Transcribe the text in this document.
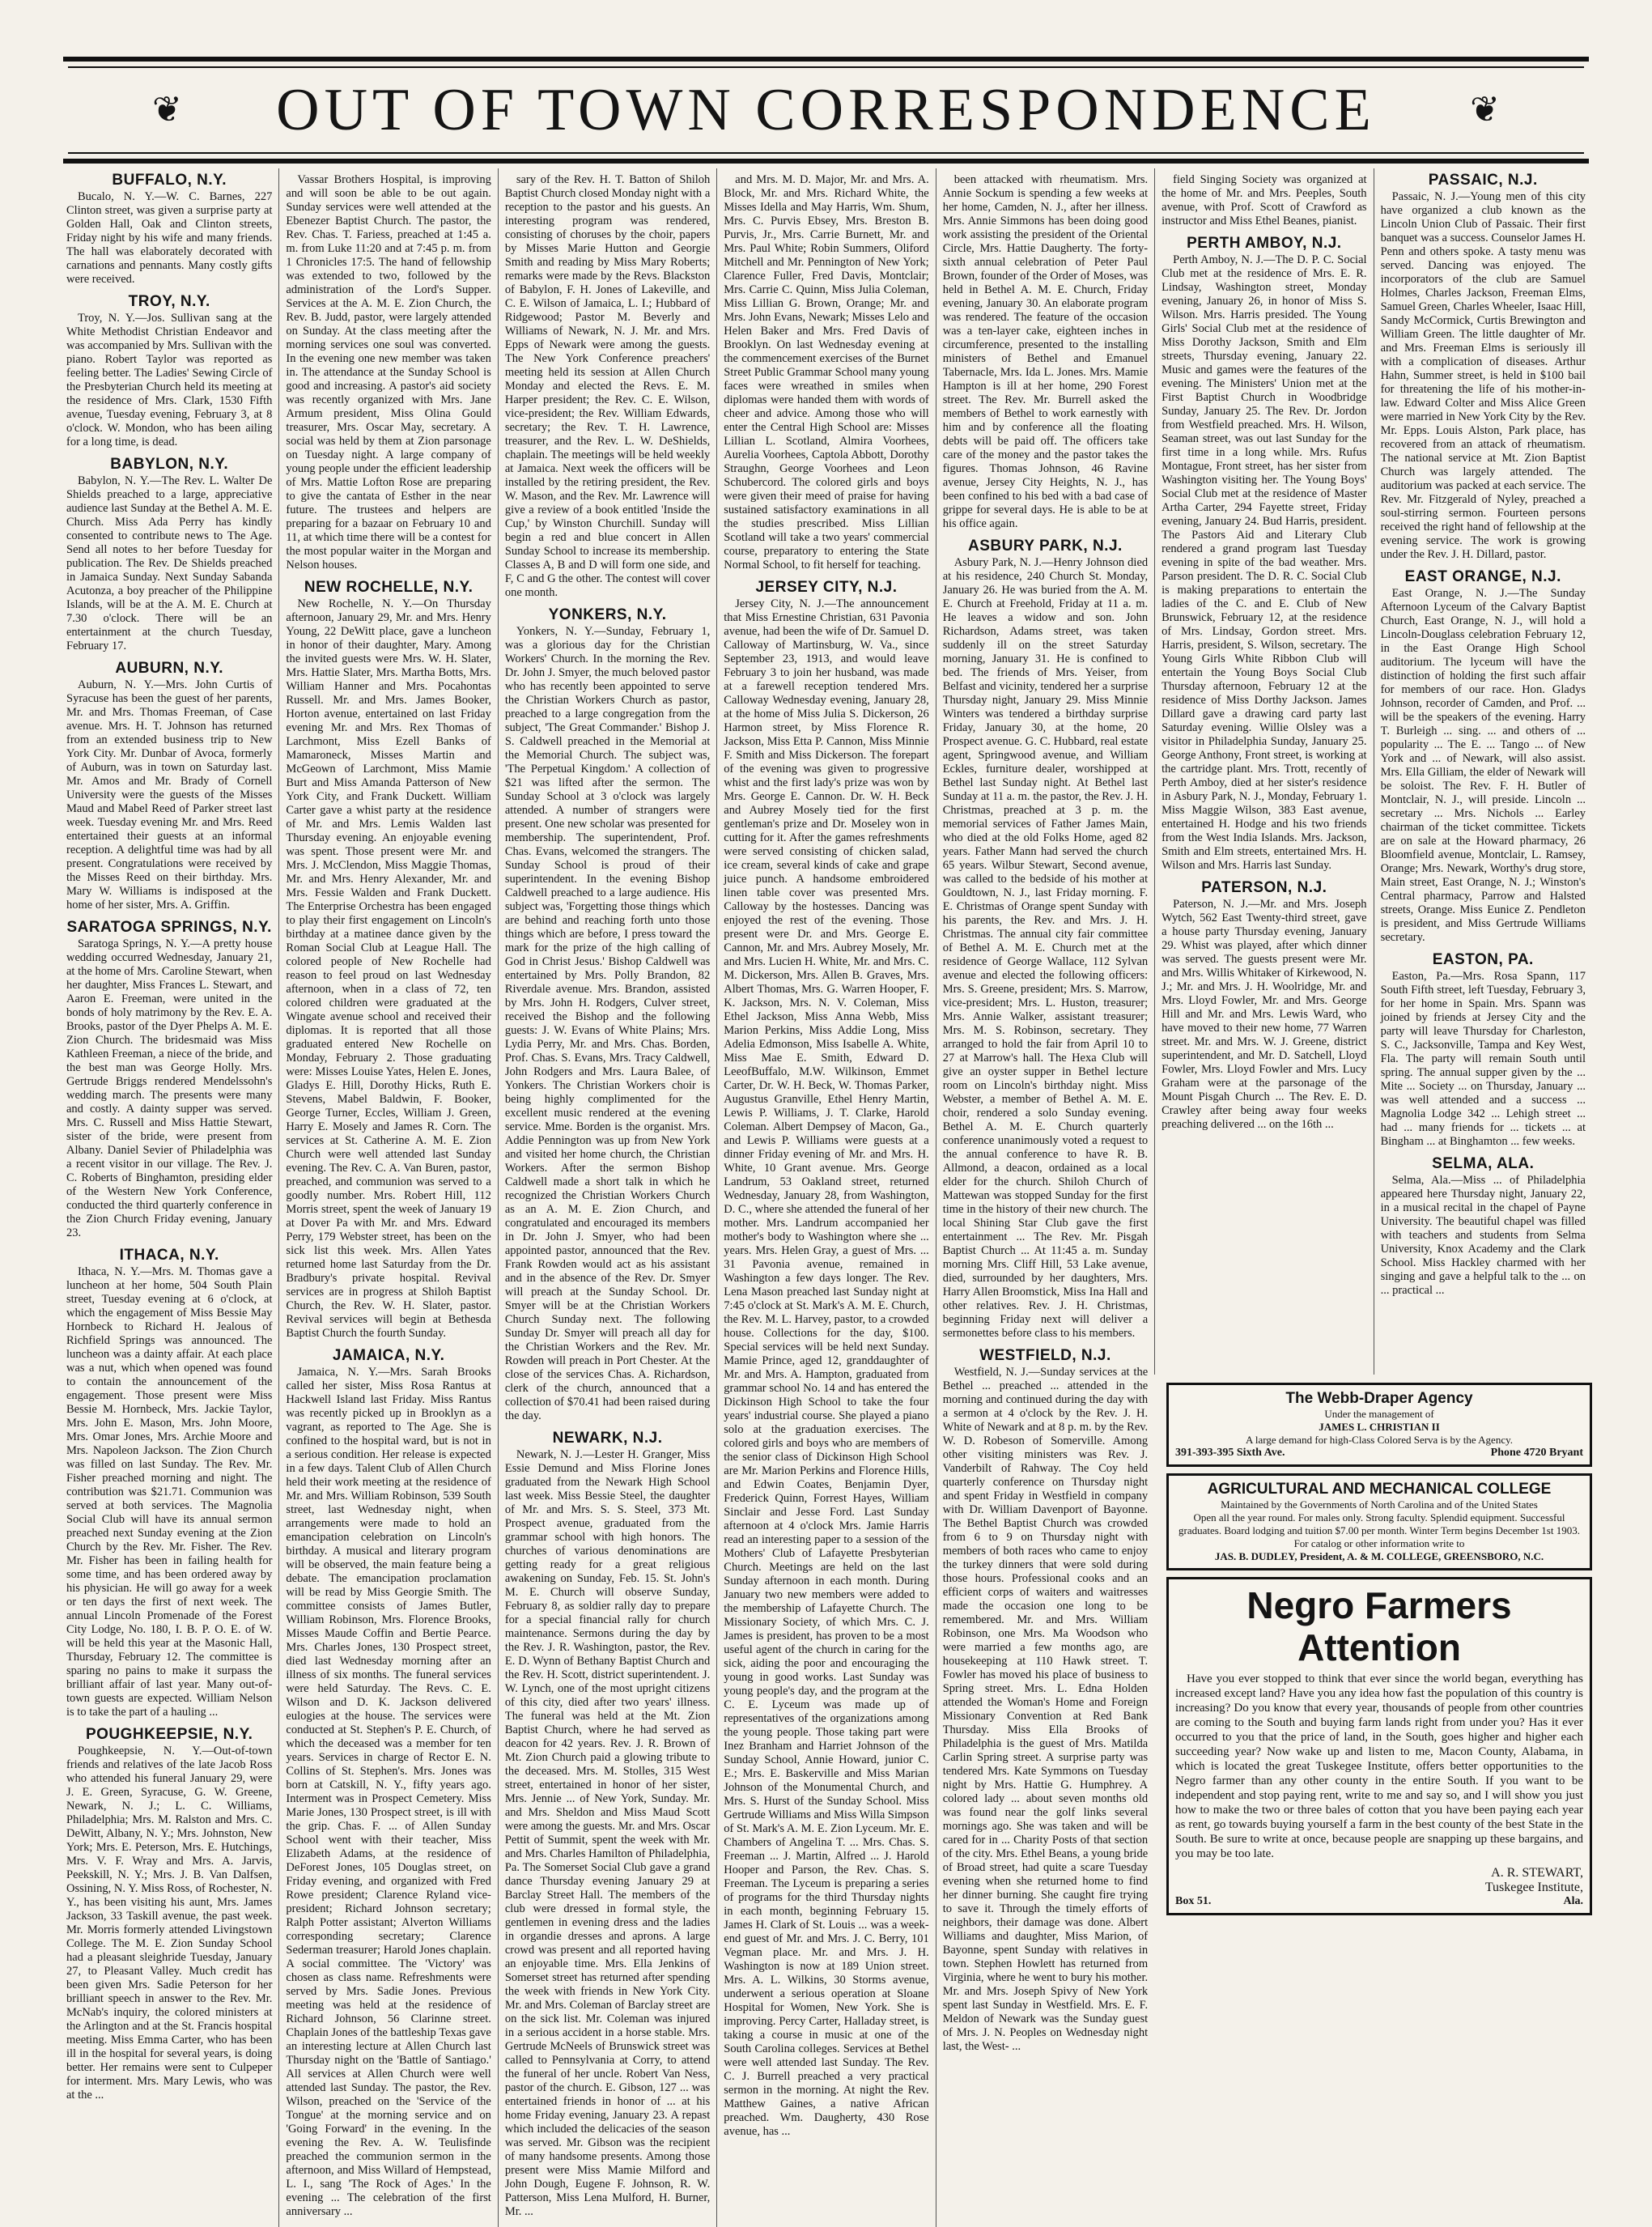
❦ OUT OF TOWN CORRESPONDENCE	❦
BUFFALO, N.Y.
Bucalo, N. Y.—W. C. Barnes, 227 Clinton street, was given a surprise party at Golden Hall, Oak and Clinton streets, Friday night by his wife and many friends. The hall was elaborately decorated with carnations and pennants. Many costly gifts were received.
TROY, N.Y.
Troy, N. Y.—Jos. Sullivan sang at the White Methodist Christian Endeavor and was accompanied by Mrs. Sullivan with the piano. Robert Taylor was reported as feeling better. The Ladies' Sewing Circle of the Presbyterian Church held its meeting at the residence of Mrs. Clark, 1530 Fifth avenue, Tuesday evening, February 3, at 8 o'clock. W. Mondon, who has been ailing for a long time, is dead.
BABYLON, N.Y.
Babylon, N. Y.—The Rev. L. Walter De Shields preached to a large, appreciative audience last Sunday at the Bethel A. M. E. Church. Miss Ada Perry has kindly consented to contribute news to The Age. Send all notes to her before Tuesday for publication. The Rev. De Shields preached in Jamaica Sunday. Next Sunday Sabanda Acutonza, a boy preacher of the Philippine Islands, will be at the A. M. E. Church at 7.30 o'clock. There will be an entertainment at the church Tuesday, February 17.
AUBURN, N.Y.
Auburn, N. Y.—Mrs. John Curtis of Syracuse has been the guest of her parents, Mr. and Mrs. Thomas Freeman, of Case avenue. Mrs. H. T. Johnson has returned from an extended business trip to New York City. Mr. Dunbar of Avoca, formerly of Auburn, was in town on Saturday last. Mr. Amos and Mr. Brady of Cornell University were the guests of the Misses Maud and Mabel Reed of Parker street last week. Tuesday evening Mr. and Mrs. Reed entertained their guests at an informal reception. A delightful time was had by all present. Congratulations were received by the Misses Reed on their birthday. Mrs. Mary W. Williams is indisposed at the home of her sister, Mrs. A. Griffin.
SARATOGA SPRINGS, N.Y.
Saratoga Springs, N. Y.—A pretty house wedding occurred Wednesday, January 21, at the home of Mrs. Caroline Stewart, when her daughter, Miss Frances L. Stewart, and Aaron E. Freeman, were united in the bonds of holy matrimony by the Rev. E. A. Brooks, pastor of the Dyer Phelps A. M. E. Zion Church. The bridesmaid was Miss Kathleen Freeman, a niece of the bride, and the best man was George Holly. Mrs. Gertrude Briggs rendered Mendelssohn's wedding march. The presents were many and costly. A dainty supper was served. Mrs. C. Russell and Miss Hattie Stewart, sister of the bride, were present from Albany. Daniel Sevier of Philadelphia was a recent visitor in our village. The Rev. J. C. Roberts of Binghamton, presiding elder of the Western New York Conference, conducted the third quarterly conference in the Zion Church Friday evening, January 23.
ITHACA, N.Y.
Ithaca, N. Y.—Mrs. M. Thomas gave a luncheon at her home, 504 South Plain street, Tuesday evening at 6 o'clock, at which the engagement of Miss Bessie May Hornbeck to Richard H. Jealous of Richfield Springs was announced. The luncheon was a dainty affair. At each place was a nut, which when opened was found to contain the announcement of the engagement. Those present were Miss Bessie M. Hornbeck, Mrs. Jackie Taylor, Mrs. John E. Mason, Mrs. John Moore, Mrs. Omar Jones, Mrs. Archie Moore and Mrs. Napoleon Jackson. The Zion Church was filled on last Sunday. The Rev. Mr. Fisher preached morning and night. The contribution was $21.71. Communion was served at both services. The Magnolia Social Club will have its annual sermon preached next Sunday evening at the Zion Church by the Rev. Mr. Fisher. The Rev. Mr. Fisher has been in failing health for some time, and has been ordered away by his physician. He will go away for a week or ten days the first of next week. The annual Lincoln Promenade of the Forest City Lodge, No. 180, I. B. P. O. E. of W. will be held this year at the Masonic Hall, Thursday, February 12. The committee is sparing no pains to make it surpass the brilliant affair of last year. Many out-of-town guests are expected. William Nelson is to take the part of a hauling ...
POUGHKEEPSIE, N.Y.
Poughkeepsie, N. Y.—Out-of-town friends and relatives of the late Jacob Ross who attended his funeral January 29, were J. E. Green, Syracuse, G. W. Greene, Newark, N. J.; L. C. Williams, Philadelphia; Mrs. M. Ralston and Mrs. C. DeWitt, Albany, N. Y.; Mrs. Johnston, New York; Mrs. E. Peterson, Mrs. E. Hutchings, Mrs. V. F. Wray and Mrs. A. Jarvis, Peekskill, N. Y.; Mrs. J. B. Van Dalfsen, Ossining, N. Y. Miss Ross, of Rochester, N. Y., has been visiting his aunt, Mrs. James Jackson, 33 Taskill avenue, the past week. Mr. Morris formerly attended Livingstown College. The M. E. Zion Sunday School had a pleasant sleighride Tuesday, January 27, to Pleasant Valley. Much credit has been given Mrs. Sadie Peterson for her brilliant speech in answer to the Rev. Mr. McNab's inquiry, the colored ministers at the Arlington and at the St. Francis hospital meeting. Miss Emma Carter, who has been ill in the hospital for several years, is doing better. Her remains were sent to Culpeper for interment. Mrs. Mary Lewis, who was at the ...
Vassar Brothers Hospital, is improving and will soon be able to be out again. Sunday services were well attended at the Ebenezer Baptist Church. The pastor, the Rev. Chas. T. Fariess, preached at 1:45 a. m. from Luke 11:20 and at 7:45 p. m. from 1 Chronicles 17:5. The hand of fellowship was extended to two, followed by the administration of the Lord's Supper. Services at the A. M. E. Zion Church, the Rev. B. Judd, pastor, were largely attended on Sunday. At the class meeting after the morning services one soul was converted. In the evening one new member was taken in. The attendance at the Sunday School is good and increasing. A pastor's aid society was recently organized with Mrs. Jane Armum president, Miss Olina Gould treasurer, Mrs. Oscar May, secretary. A social was held by them at Zion parsonage on Tuesday night. A large company of young people under the efficient leadership of Mrs. Mattie Lofton Rose are preparing to give the cantata of Esther in the near future. The trustees and helpers are preparing for a bazaar on February 10 and 11, at which time there will be a contest for the most popular waiter in the Morgan and Nelson houses.
NEW ROCHELLE, N.Y.
New Rochelle, N. Y.—On Thursday afternoon, January 29, Mr. and Mrs. Henry Young, 22 DeWitt place, gave a luncheon in honor of their daughter, Mary. Among the invited guests were Mrs. W. H. Slater, Mrs. Hattie Slater, Mrs. Martha Botts, Mrs. William Hanner and Mrs. Pocahontas Russell. Mr. and Mrs. James Booker, Horton avenue, entertained on last Friday evening Mr. and Mrs. Rex Thomas of Larchmont, Miss Ezell Banks of Mamaroneck, Misses Martin and McGeown of Larchmont, Miss Mamie Burt and Miss Amanda Patterson of New York City, and Frank Duckett. William Carter gave a whist party at the residence of Mr. and Mrs. Lemis Walden last Thursday evening. An enjoyable evening was spent. Those present were Mr. and Mrs. J. McClendon, Miss Maggie Thomas, Mr. and Mrs. Henry Alexander, Mr. and Mrs. Fessie Walden and Frank Duckett. The Enterprise Orchestra has been engaged to play their first engagement on Lincoln's birthday at a matinee dance given by the Roman Social Club at League Hall. The colored people of New Rochelle had reason to feel proud on last Wednesday afternoon, when in a class of 72, ten colored children were graduated at the Wingate avenue school and received their diplomas. It is reported that all those graduated entered New Rochelle on Monday, February 2. Those graduating were: Misses Louise Yates, Helen E. Jones, Gladys E. Hill, Dorothy Hicks, Ruth E. Stevens, Mabel Baldwin, F. Booker, George Turner, Eccles, William J. Green, Harry E. Mosely and James R. Corn. The services at St. Catherine A. M. E. Zion Church were well attended last Sunday evening. The Rev. C. A. Van Buren, pastor, preached, and communion was served to a goodly number. Mrs. Robert Hill, 112 Morris street, spent the week of January 19 at Dover Pa with Mr. and Mrs. Edward Perry, 179 Webster street, has been on the sick list this week. Mrs. Allen Yates returned home last Saturday from the Dr. Bradbury's private hospital. Revival services are in progress at Shiloh Baptist Church, the Rev. W. H. Slater, pastor. Revival services will begin at Bethesda Baptist Church the fourth Sunday.
JAMAICA, N.Y.
Jamaica, N. Y.—Mrs. Sarah Brooks called her sister, Miss Rosa Rantus at Hackwell Island last Friday. Miss Rantus was recently picked up in Brooklyn as a vagrant, as reported to The Age. She is confined to the hospital ward, but is not in a serious condition. Her release is expected in a few days. Talent Club of Allen Church held their work meeting at the residence of Mr. and Mrs. William Robinson, 539 South street, last Wednesday night, when arrangements were made to hold an emancipation celebration on Lincoln's birthday. A musical and literary program will be observed, the main feature being a debate. The emancipation proclamation will be read by Miss Georgie Smith. The committee consists of James Butler, William Robinson, Mrs. Florence Brooks, Misses Maude Coffin and Bertie Pearce. Mrs. Charles Jones, 130 Prospect street, died last Wednesday morning after an illness of six months. The funeral services were held Saturday. The Revs. C. E. Wilson and D. K. Jackson delivered eulogies at the house. The services were conducted at St. Stephen's P. E. Church, of which the deceased was a member for ten years. Services in charge of Rector E. N. Collins of St. Stephen's. Mrs. Jones was born at Catskill, N. Y., fifty years ago. Interment was in Prospect Cemetery. Miss Marie Jones, 130 Prospect street, is ill with the grip. Chas. F. ... of Allen Sunday School went with their teacher, Miss Elizabeth Adams, at the residence of DeForest Jones, 105 Douglas street, on Friday evening, and organized with Fred Rowe president; Clarence Ryland vice-president; Richard Johnson secretary; Ralph Potter assistant; Alverton Williams corresponding secretary; Clarence Sederman treasurer; Harold Jones chaplain. A social committee. The 'Victory' was chosen as class name. Refreshments were served by Mrs. Sadie Jones. Previous meeting was held at the residence of Richard Johnson, 56 Clarinne street. Chaplain Jones of the battleship Texas gave an interesting lecture at Allen Church last Thursday night on the 'Battle of Santiago.' All services at Allen Church were well attended last Sunday. The pastor, the Rev. Wilson, preached on the 'Service of the Tongue' at the morning service and on 'Going Forward' in the evening. In the evening the Rev. A. W. Teulisfinde preached the communion sermon in the afternoon, and Miss Willard of Hempstead, L. I., sang 'The Rock of Ages.' In the evening ... The celebration of the first anniversary ...
sary of the Rev. H. T. Batton of Shiloh Baptist Church closed Monday night with a reception to the pastor and his guests. An interesting program was rendered, consisting of choruses by the choir, papers by Misses Marie Hutton and Georgie Smith and reading by Miss Mary Roberts; remarks were made by the Revs. Blackston of Babylon, F. H. Jones of Lakeville, and C. E. Wilson of Jamaica, L. I.; Hubbard of Ridgewood; Pastor M. Beverly and Williams of Newark, N. J. Mr. and Mrs. Epps of Newark were among the guests. The New York Conference preachers' meeting held its session at Allen Church Monday and elected the Revs. E. M. Harper president; the Rev. C. E. Wilson, vice-president; the Rev. William Edwards, secretary; the Rev. T. H. Lawrence, treasurer, and the Rev. L. W. DeShields, chaplain. The meetings will be held weekly at Jamaica. Next week the officers will be installed by the retiring president, the Rev. W. Mason, and the Rev. Mr. Lawrence will give a review of a book entitled 'Inside the Cup,' by Winston Churchill. Sunday will begin a red and blue concert in Allen Sunday School to increase its membership. Classes A, B and D will form one side, and F, C and G the other. The contest will cover one month.
YONKERS, N.Y.
Yonkers, N. Y.—Sunday, February 1, was a glorious day for the Christian Workers' Church. In the morning the Rev. Dr. John J. Smyer, the much beloved pastor who has recently been appointed to serve the Christian Workers Church as pastor, preached to a large congregation from the subject, 'The Great Commander.' Bishop J. S. Caldwell preached in the Memorial at the Memorial Church. The subject was, 'The Perpetual Kingdom.' A collection of $21 was lifted after the sermon. The Sunday School at 3 o'clock was largely attended. A number of strangers were present. One new scholar was presented for membership. The superintendent, Prof. Chas. Evans, welcomed the strangers. The Sunday School is proud of their superintendent. In the evening Bishop Caldwell preached to a large audience. His subject was, 'Forgetting those things which are behind and reaching forth unto those things which are before, I press toward the mark for the prize of the high calling of God in Christ Jesus.' Bishop Caldwell was entertained by Mrs. Polly Brandon, 82 Riverdale avenue. Mrs. Brandon, assisted by Mrs. John H. Rodgers, Culver street, received the Bishop and the following guests: J. W. Evans of White Plains; Mrs. Lydia Perry, Mr. and Mrs. Chas. Borden, Prof. Chas. S. Evans, Mrs. Tracy Caldwell, John Rodgers and Mrs. Laura Balee, of Yonkers. The Christian Workers choir is being highly complimented for the excellent music rendered at the evening service. Mme. Borden is the organist. Mrs. Addie Pennington was up from New York and visited her home church, the Christian Workers. After the sermon Bishop Caldwell made a short talk in which he recognized the Christian Workers Church as an A. M. E. Zion Church, and congratulated and encouraged its members in Dr. John J. Smyer, who had been appointed pastor, announced that the Rev. Frank Rowden would act as his assistant and in the absence of the Rev. Dr. Smyer will preach at the Sunday School. Dr. Smyer will be at the Christian Workers Church Sunday next. The following Sunday Dr. Smyer will preach all day for the Christian Workers and the Rev. Mr. Rowden will preach in Port Chester. At the close of the services Chas. A. Richardson, clerk of the church, announced that a collection of $70.41 had been raised during the day.
NEWARK, N.J.
Newark, N. J.—Lester H. Granger, Miss Essie Demund and Miss Florine Jones graduated from the Newark High School last week. Miss Bessie Steel, the daughter of Mr. and Mrs. S. S. Steel, 373 Mt. Prospect avenue, graduated from the grammar school with high honors. The churches of various denominations are getting ready for a great religious awakening on Sunday, Feb. 15. St. John's M. E. Church will observe Sunday, February 8, as soldier rally day to prepare for a special financial rally for church maintenance. Sermons during the day by the Rev. J. R. Washington, pastor, the Rev. E. D. Wynn of Bethany Baptist Church and the Rev. H. Scott, district superintendent. J. W. Lynch, one of the most upright citizens of this city, died after two years' illness. The funeral was held at the Mt. Zion Baptist Church, where he had served as deacon for 42 years. Rev. J. R. Brown of Mt. Zion Church paid a glowing tribute to the deceased. Mrs. M. Stolles, 315 West street, entertained in honor of her sister, Mrs. Jennie ... of New York, Sunday. Mr. and Mrs. Sheldon and Miss Maud Scott were among the guests. Mr. and Mrs. Oscar Pettit of Summit, spent the week with Mr. and Mrs. Charles Hamilton of Philadelphia, Pa. The Somerset Social Club gave a grand dance Thursday evening January 29 at Barclay Street Hall. The members of the club were dressed in formal style, the gentlemen in evening dress and the ladies in organdie dresses and aprons. A large crowd was present and all reported having an enjoyable time. Mrs. Ella Jenkins of Somerset street has returned after spending the week with friends in New York City. Mr. and Mrs. Coleman of Barclay street are on the sick list. Mr. Coleman was injured in a serious accident in a horse stable. Mrs. Gertrude McNeels of Brunswick street was called to Pennsylvania at Corry, to attend the funeral of her uncle. Robert Van Ness, pastor of the church. E. Gibson, 127 ... was entertained friends in honor of ... at his home Friday evening, January 23. A repast which included the delicacies of the season was served. Mr. Gibson was the recipient of many handsome presents. Among those present were Miss Mamie Milford and John Dough, Eugene F. Johnson, R. W. Patterson, Miss Lena Mulford, H. Burner, Mr. ...
and Mrs. M. D. Major, Mr. and Mrs. A. Block, Mr. and Mrs. Richard White, the Misses Idella and May Harris, Wm. Shum, Mrs. C. Purvis Ebsey, Mrs. Breston B. Purvis, Jr., Mrs. Carrie Burnett, Mr. and Mrs. Paul White; Robin Summers, Oliford Mitchell and Mr. Pennington of New York; Clarence Fuller, Fred Davis, Montclair; Mrs. Carrie C. Quinn, Miss Julia Coleman, Miss Lillian G. Brown, Orange; Mr. and Mrs. John Evans, Newark; Misses Lelo and Helen Baker and Mrs. Fred Davis of Brooklyn. On last Wednesday evening at the commencement exercises of the Burnet Street Public Grammar School many young faces were wreathed in smiles when diplomas were handed them with words of cheer and advice. Among those who will enter the Central High School are: Misses Lillian L. Scotland, Almira Voorhees, Aurelia Voorhees, Captola Abbott, Dorothy Straughn, George Voorhees and Leon Schubercord. The colored girls and boys were given their meed of praise for having sustained satisfactory examinations in all the studies prescribed. Miss Lillian Scotland will take a two years' commercial course, preparatory to entering the State Normal School, to fit herself for teaching.
JERSEY CITY, N.J.
Jersey City, N. J.—The announcement that Miss Ernestine Christian, 631 Pavonia avenue, had been the wife of Dr. Samuel D. Calloway of Martinsburg, W. Va., since September 23, 1913, and would leave February 3 to join her husband, was made at a farewell reception tendered Mrs. Calloway Wednesday evening, January 28, at the home of Miss Julia S. Dickerson, 26 Harmon street, by Miss Florence R. Jackson, Miss Etta P. Cannon, Miss Minnie F. Smith and Miss Dickerson. The forepart of the evening was given to progressive whist and the first lady's prize was won by Mrs. George E. Cannon. Dr. W. H. Beck and Aubrey Mosely tied for the first gentleman's prize and Dr. Moseley won in cutting for it. After the games refreshments were served consisting of chicken salad, ice cream, several kinds of cake and grape juice punch. A handsome embroidered linen table cover was presented Mrs. Calloway by the hostesses. Dancing was enjoyed the rest of the evening. Those present were Dr. and Mrs. George E. Cannon, Mr. and Mrs. Aubrey Mosely, Mr. and Mrs. Lucien H. White, Mr. and Mrs. C. M. Dickerson, Mrs. Allen B. Graves, Mrs. Albert Thomas, Mrs. G. Warren Hooper, F. K. Jackson, Mrs. N. V. Coleman, Miss Ethel Jackson, Miss Anna Webb, Miss Marion Perkins, Miss Addie Long, Miss Adelia Edmonson, Miss Isabelle A. White, Miss Mae E. Smith, Edward D. LeeofBuffalo, M.W. Wilkinson, Emmet Carter, Dr. W. H. Beck, W. Thomas Parker, Augustus Granville, Ethel Henry Martin, Lewis P. Williams, J. T. Clarke, Harold Coleman. Albert Dempsey of Macon, Ga., and Lewis P. Williams were guests at a dinner Friday evening of Mr. and Mrs. H. White, 10 Grant avenue. Mrs. George Landrum, 53 Oakland street, returned Wednesday, January 28, from Washington, D. C., where she attended the funeral of her mother. Mrs. Landrum accompanied her mother's body to Washington where she ... years. Mrs. Helen Gray, a guest of Mrs. ... 31 Pavonia avenue, remained in Washington a few days longer. The Rev. Lena Mason preached last Sunday night at 7:45 o'clock at St. Mark's A. M. E. Church, the Rev. M. L. Harvey, pastor, to a crowded house. Collections for the day, $100. Special services will be held next Sunday. Mamie Prince, aged 12, granddaughter of Mr. and Mrs. A. Hampton, graduated from grammar school No. 14 and has entered the Dickinson High School to take the four years' industrial course. She played a piano solo at the graduation exercises. The colored girls and boys who are members of the senior class of Dickinson High School are Mr. Marion Perkins and Florence Hills, and Edwin Coates, Benjamin Dyer, Frederick Quinn, Forrest Hayes, William Sinclair and Jesse Ford. Last Sunday afternoon at 4 o'clock Mrs. Jamie Harris read an interesting paper to a session of the Mothers' Club of Lafayette Presbyterian Church. Meetings are held on the last Sunday afternoon in each month. During January two new members were added to the membership of Lafayette Church. The Missionary Society, of which Mrs. C. J. James is president, has proven to be a most useful agent of the church in caring for the sick, aiding the poor and encouraging the young in good works. Last Sunday was young people's day, and the program at the C. E. Lyceum was made up of representatives of the organizations among the young people. Those taking part were Inez Branham and Harriet Johnson of the Sunday School, Annie Howard, junior C. E.; Mrs. E. Baskerville and Miss Marian Johnson of the Monumental Church, and Mrs. S. Hurst of the Sunday School. Miss Gertrude Williams and Miss Willa Simpson of St. Mark's A. M. E. Zion Lyceum. Mr. E. Chambers of Angelina T. ... Mrs. Chas. S. Freeman ... J. Martin, Alfred ... J. Harold Hooper and Parson, the Rev. Chas. S. Freeman. The Lyceum is preparing a series of programs for the third Thursday nights in each month, beginning February 15. James H. Clark of St. Louis ... was a week-end guest of Mr. and Mrs. J. C. Berry, 101 Vegman place. Mr. and Mrs. J. H. Washington is now at 189 Union street. Mrs. A. L. Wilkins, 30 Storms avenue, underwent a serious operation at Sloane Hospital for Women, New York. She is improving. Percy Carter, Halladay street, is taking a course in music at one of the South Carolina colleges. Services at Bethel were well attended last Sunday. The Rev. C. J. Burrell preached a very practical sermon in the morning. At night the Rev. Matthew Gaines, a native African preached. Wm. Daugherty, 430 Rose avenue, has ...
been attacked with rheumatism. Mrs. Annie Sockum is spending a few weeks at her home, Camden, N. J., after her illness. Mrs. Annie Simmons has been doing good work assisting the president of the Oriental Circle, Mrs. Hattie Daugherty. The forty-sixth annual celebration of Peter Paul Brown, founder of the Order of Moses, was held in Bethel A. M. E. Church, Friday evening, January 30. An elaborate program was rendered. The feature of the occasion was a ten-layer cake, eighteen inches in circumference, presented to the installing ministers of Bethel and Emanuel Tabernacle, Mrs. Ida L. Jones. Mrs. Mamie Hampton is ill at her home, 290 Forest street. The Rev. Mr. Burrell asked the members of Bethel to work earnestly with him and by conference all the floating debts will be paid off. The officers take care of the money and the pastor takes the figures. Thomas Johnson, 46 Ravine avenue, Jersey City Heights, N. J., has been confined to his bed with a bad case of grippe for several days. He is able to be at his office again.
ASBURY PARK, N.J.
Asbury Park, N. J.—Henry Johnson died at his residence, 240 Church St. Monday, January 26. He was buried from the A. M. E. Church at Freehold, Friday at 11 a. m. He leaves a widow and son. John Richardson, Adams street, was taken suddenly ill on the street Saturday morning, January 31. He is confined to bed. The friends of Mrs. Yeiser, from Belfast and vicinity, tendered her a surprise Thursday night, January 29. Miss Minnie Winters was tendered a birthday surprise Friday, January 30, at the home, 20 Prospect avenue. G. C. Hubbard, real estate agent, Springwood avenue, and William Eckles, furniture dealer, worshipped at Bethel last Sunday night. At Bethel last Sunday at 11 a. m. the pastor, the Rev. J. H. Christmas, preached at 3 p. m. the memorial services of Father James Main, who died at the old Folks Home, aged 82 years. Father Mann had served the church 65 years. Wilbur Stewart, Second avenue, was called to the bedside of his mother at Gouldtown, N. J., last Friday morning. F. E. Christmas of Orange spent Sunday with his parents, the Rev. and Mrs. J. H. Christmas. The annual city fair committee of Bethel A. M. E. Church met at the residence of George Wallace, 112 Sylvan avenue and elected the following officers: Mrs. S. Greene, president; Mrs. S. Marrow, vice-president; Mrs. L. Huston, treasurer; Mrs. Annie Walker, assistant treasurer; Mrs. M. S. Robinson, secretary. They arranged to hold the fair from April 10 to 27 at Marrow's hall. The Hexa Club will give an oyster supper in Bethel lecture room on Lincoln's birthday night. Miss Webster, a member of Bethel A. M. E. choir, rendered a solo Sunday evening. Bethel A. M. E. Church quarterly conference unanimously voted a request to the annual conference to have R. B. Allmond, a deacon, ordained as a local elder for the church. Shiloh Church of Mattewan was stopped Sunday for the first time in the history of their new church. The local Shining Star Club gave the first entertainment ... The Rev. Mr. Pisgah Baptist Church ... At 11:45 a. m. Sunday morning Mrs. Cliff Hill, 53 Lake avenue, died, surrounded by her daughters, Mrs. Harry Allen Broomstick, Miss Ina Hall and other relatives. Rev. J. H. Christmas, beginning Friday next will deliver a sermonettes before class to his members.
WESTFIELD, N.J.
Westfield, N. J.—Sunday services at the Bethel ... preached ... attended in the morning and continued during the day with a sermon at 4 o'clock by the Rev. J. H. White of Newark and at 8 p. m. by the Rev. W. D. Robeson of Somerville. Among other visiting ministers was Rev. J. Vanderbilt of Rahway. The Coy held quarterly conference on Thursday night and spent Friday in Westfield in company with Dr. William Davenport of Bayonne. The Bethel Baptist Church was crowded from 6 to 9 on Thursday night with members of both races who came to enjoy the turkey dinners that were sold during those hours. Professional cooks and an efficient corps of waiters and waitresses made the occasion one long to be remembered. Mr. and Mrs. William Robinson, one Mrs. Ma Woodson who were married a few months ago, are housekeeping at 110 Hawk street. T. Fowler has moved his place of business to Spring street. Mrs. L. Edna Holden attended the Woman's Home and Foreign Missionary Convention at Red Bank Thursday. Miss Ella Brooks of Philadelphia is the guest of Mrs. Matilda Carlin Spring street. A surprise party was tendered Mrs. Kate Symmons on Tuesday night by Mrs. Hattie G. Humphrey. A colored lady ... about seven months old was found near the golf links several mornings ago. She was taken and will be cared for in ... Charity Posts of that section of the city. Mrs. Ethel Beans, a young bride of Broad street, had quite a scare Tuesday evening when she returned home to find her dinner burning. She caught fire trying to save it. Through the timely efforts of neighbors, their damage was done. Albert Williams and daughter, Miss Marion, of Bayonne, spent Sunday with relatives in town. Stephen Howlett has returned from Virginia, where he went to bury his mother. Mr. and Mrs. Joseph Spivy of New York spent last Sunday in Westfield. Mrs. E. F. Meldon of Newark was the Sunday guest of Mrs. J. N. Peoples on Wednesday night last, the West- ...
field Singing Society was organized at the home of Mr. and Mrs. Peeples, South avenue, with Prof. Scott of Crawford as instructor and Miss Ethel Beanes, pianist.
PERTH AMBOY, N.J.
Perth Amboy, N. J.—The D. P. C. Social Club met at the residence of Mrs. E. R. Lindsay, Washington street, Monday evening, January 26, in honor of Miss S. Wilson. Mrs. Harris presided. The Young Girls' Social Club met at the residence of Miss Dorothy Jackson, Smith and Elm streets, Thursday evening, January 22. Music and games were the features of the evening. The Ministers' Union met at the First Baptist Church in Woodbridge Sunday, January 25. The Rev. Dr. Jordon from Westfield preached. Mrs. H. Wilson, Seaman street, was out last Sunday for the first time in a long while. Mrs. Rufus Montague, Front street, has her sister from Washington visiting her. The Young Boys' Social Club met at the residence of Master Artha Carter, 294 Fayette street, Friday evening, January 24. Bud Harris, president. The Pastors Aid and Literary Club rendered a grand program last Tuesday evening in spite of the bad weather. Mrs. Parson president. The D. R. C. Social Club is making preparations to entertain the ladies of the C. and E. Club of New Brunswick, February 12, at the residence of Mrs. Lindsay, Gordon street. Mrs. Harris, president, S. Wilson, secretary. The Young Girls White Ribbon Club will entertain the Young Boys Social Club Thursday afternoon, February 12 at the residence of Miss Dorthy Jackson. James Dillard gave a drawing card party last Saturday evening. Willie Olsley was a visitor in Philadelphia Sunday, January 25. George Anthony, Front street, is working at the cartridge plant. Mrs. Trott, recently of Perth Amboy, died at her sister's residence in Asbury Park, N. J., Monday, February 1. Miss Maggie Wilson, 383 East avenue, entertained H. Hodge and his two friends from the West India Islands. Mrs. Jackson, Smith and Elm streets, entertained Mrs. H. Wilson and Mrs. Harris last Sunday.
PATERSON, N.J.
Paterson, N. J.—Mr. and Mrs. Joseph Wytch, 562 East Twenty-third street, gave a house party Thursday evening, January 29. Whist was played, after which dinner was served. The guests present were Mr. and Mrs. Willis Whitaker of Kirkewood, N. J.; Mr. and Mrs. J. H. Woolridge, Mr. and Mrs. Lloyd Fowler, Mr. and Mrs. George Hill and Mr. and Mrs. Lewis Ward, who have moved to their new home, 77 Warren street. Mr. and Mrs. W. J. Greene, district superintendent, and Mr. D. Satchell, Lloyd Fowler, Mrs. Lloyd Fowler and Mrs. Lucy Graham were at the parsonage of the Mount Pisgah Church ... The Rev. E. D. Crawley after being away four weeks preaching delivered ... on the 16th ...
PASSAIC, N.J.
Passaic, N. J.—Young men of this city have organized a club known as the Lincoln Union Club of Passaic. Their first banquet was a success. Counselor James H. Penn and others spoke. A tasty menu was served. Dancing was enjoyed. The incorporators of the club are Samuel Holmes, Charles Jackson, Freeman Elms, Samuel Green, Charles Wheeler, Isaac Hill, Sandy McCormick, Curtis Brewington and William Green. The little daughter of Mr. and Mrs. Freeman Elms is seriously ill with a complication of diseases. Arthur Hahn, Summer street, is held in $100 bail for threatening the life of his mother-in-law. Edward Colter and Miss Alice Green were married in New York City by the Rev. Mr. Epps. Louis Alston, Park place, has recovered from an attack of rheumatism. The national service at Mt. Zion Baptist Church was largely attended. The auditorium was packed at each service. The Rev. Mr. Fitzgerald of Nyley, preached a soul-stirring sermon. Fourteen persons received the right hand of fellowship at the evening service. The work is growing under the Rev. J. H. Dillard, pastor.
EAST ORANGE, N.J.
East Orange, N. J.—The Sunday Afternoon Lyceum of the Calvary Baptist Church, East Orange, N. J., will hold a Lincoln-Douglass celebration February 12, in the East Orange High School auditorium. The lyceum will have the distinction of holding the first such affair for members of our race. Hon. Gladys Johnson, recorder of Camden, and Prof. ... will be the speakers of the evening. Harry T. Burleigh ... sing. ... and others of ... popularity ... The E. ... Tango ... of New York and ... of Newark, will also assist. Mrs. Ella Gilliam, the elder of Newark will be soloist. The Rev. F. H. Butler of Montclair, N. J., will preside. Lincoln ... secretary ... Mrs. Nichols ... Earley chairman of the ticket committee. Tickets are on sale at the Howard pharmacy, 26 Bloomfield avenue, Montclair, L. Ramsey, Orange; Mrs. Newark, Worthy's drug store, Main street, East Orange, N. J.; Winston's Central pharmacy, Parrow and Halsted streets, Orange. Miss Eunice Z. Pendleton is president, and Miss Gertrude Williams secretary.
EASTON, PA.
Easton, Pa.—Mrs. Rosa Spann, 117 South Fifth street, left Tuesday, February 3, for her home in Spain. Mrs. Spann was joined by friends at Jersey City and the party will leave Thursday for Charleston, S. C., Jacksonville, Tampa and Key West, Fla. The party will remain South until spring. The annual supper given by the ... Mite ... Society ... on Thursday, January ... was well attended and a success ... Magnolia Lodge 342 ... Lehigh street ... had ... many friends for ... tickets ... at Bingham ... at Binghamton ... few weeks.
SELMA, ALA.
Selma, Ala.—Miss ... of Philadelphia appeared here Thursday night, January 22, in a musical recital in the chapel of Payne University. The beautiful chapel was filled with teachers and students from Selma University, Knox Academy and the Clark School. Miss Hackley charmed with her singing and gave a helpful talk to the ... on ... practical ...
The Webb-Draper Agency
Under the management of
JAMES L. CHRISTIAN II
A large demand for high-Class Colored Serva is by the Agency.
391-393-395 Sixth Ave.	Phone 4720 Bryant
AGRICULTURAL AND MECHANICAL COLLEGE
Maintained by the Governments of North Carolina and of the United States
Open all the year round. For males only. Strong faculty. Splendid equipment. Successful graduates. Board lodging and tuition $7.00 per month. Winter Term begins December 1st 1903. For catalog or other information write to
JAS. B. DUDLEY, President, A. & M. COLLEGE, GREENSBORO, N.C.
Negro Farmers Attention
Have you ever stopped to think that ever since the world began, everything has increased except land? Have you any idea how fast the population of this country is increasing? Do you know that every year, thousands of people from other countries are coming to the South and buying farm lands right from under you? Has it ever occurred to you that the price of land, in the South, goes higher and higher each succeeding year? Now wake up and listen to me, Macon County, Alabama, in which is located the great Tuskegee Institute, offers better opportunities to the Negro farmer than any other county in the entire South. If you want to be independent and stop paying rent, write to me and say so, and I will show you just how to make the two or three bales of cotton that you have been paying each year as rent, go towards buying yourself a farm in the best county of the best State in the South. Be sure to write at once, because people are snapping up these bargains, and you may be too late.
A. R. STEWART,
Tuskegee Institute,
Box 51.	Ala.
